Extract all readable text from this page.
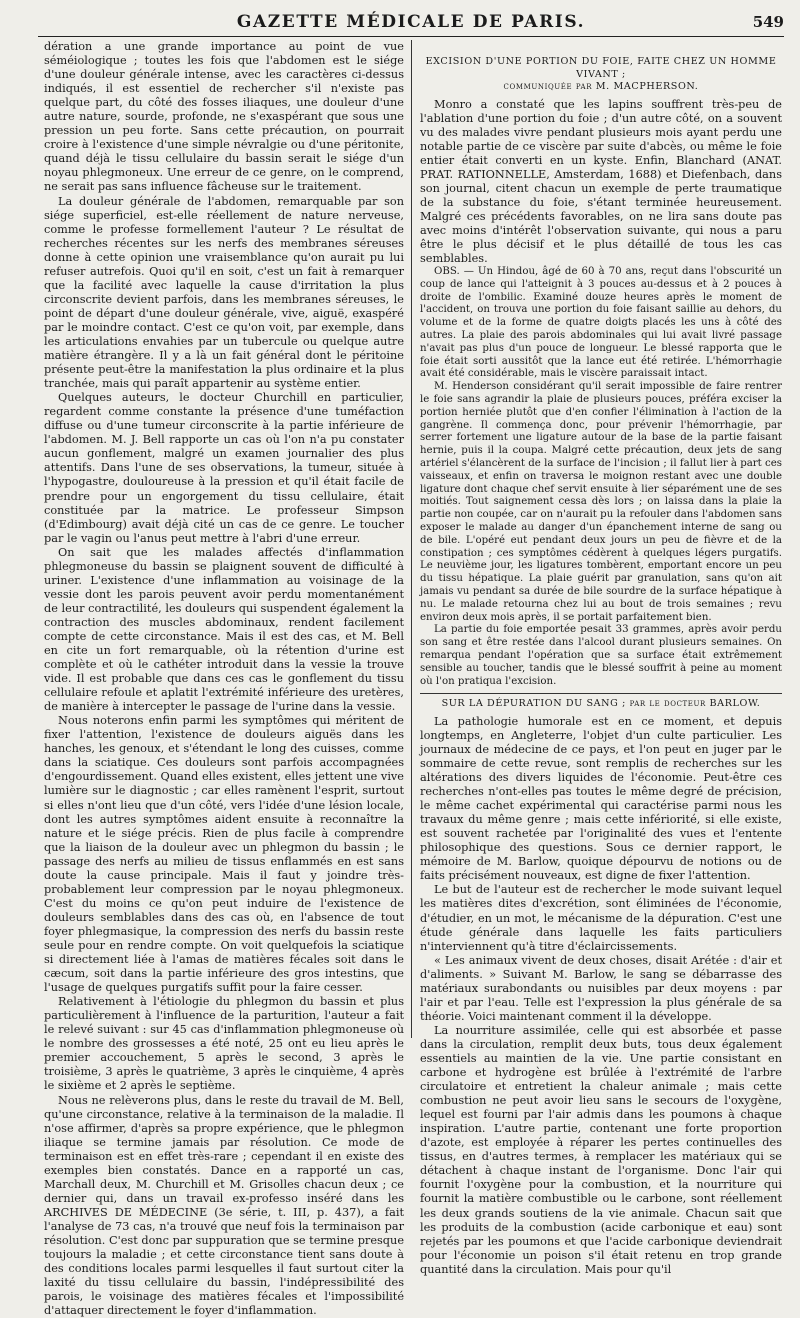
GAZETTE MÉDICALE DE PARIS.	549

dération a une grande importance au point de vue séméiologique ; toutes les fois que l'abdomen est le siége d'une douleur générale intense, avec les caractères ci-dessus indiqués, il est essentiel de rechercher s'il n'existe pas quelque part, du côté des fosses iliaques, une douleur d'une autre nature, sourde, profonde, ne s'exaspérant que sous une pression un peu forte. Sans cette précaution, on pourrait croire à l'existence d'une simple névralgie ou d'une péritonite, quand déjà le tissu cellulaire du bassin serait le siége d'un noyau phlegmoneux. Une erreur de ce genre, on le comprend, ne serait pas sans influence fâcheuse sur le traitement.

La douleur générale de l'abdomen, remarquable par son siége superficiel, est-elle réellement de nature nerveuse, comme le professe formellement l'auteur ? Le résultat de recherches récentes sur les nerfs des membranes séreuses donne à cette opinion une vraisemblance qu'on aurait pu lui refuser autrefois. Quoi qu'il en soit, c'est un fait à remarquer que la facilité avec laquelle la cause d'irritation la plus circonscrite devient parfois, dans les membranes séreuses, le point de départ d'une douleur générale, vive, aiguë, exaspéré par le moindre contact. C'est ce qu'on voit, par exemple, dans les articulations envahies par un tubercule ou quelque autre matière étrangère. Il y a là un fait général dont le péritoine présente peut-être la manifestation la plus ordinaire et la plus tranchée, mais qui paraît appartenir au système entier.

Quelques auteurs, le docteur Churchill en particulier, regardent comme constante la présence d'une tuméfaction diffuse ou d'une tumeur circonscrite à la partie inférieure de l'abdomen. M. J. Bell rapporte un cas où l'on n'a pu constater aucun gonflement, malgré un examen journalier des plus attentifs. Dans l'une de ses observations, la tumeur, située à l'hypogastre, douloureuse à la pression et qu'il était facile de prendre pour un engorgement du tissu cellulaire, était constituée par la matrice. Le professeur Simpson (d'Edimbourg) avait déjà cité un cas de ce genre. Le toucher par le vagin ou l'anus peut mettre à l'abri d'une erreur.

On sait que les malades affectés d'inflammation phlegmoneuse du bassin se plaignent souvent de difficulté à uriner. L'existence d'une inflammation au voisinage de la vessie dont les parois peuvent avoir perdu momentanément de leur contractilité, les douleurs qui suspendent également la contraction des muscles abdominaux, rendent facilement compte de cette circonstance. Mais il est des cas, et M. Bell en cite un fort remarquable, où la rétention d'urine est complète et où le cathéter introduit dans la vessie la trouve vide. Il est probable que dans ces cas le gonflement du tissu cellulaire refoule et aplatit l'extrémité inférieure des uretères, de manière à intercepter le passage de l'urine dans la vessie.

Nous noterons enfin parmi les symptômes qui méritent de fixer l'attention, l'existence de douleurs aiguës dans les hanches, les genoux, et s'étendant le long des cuisses, comme dans la sciatique. Ces douleurs sont parfois accompagnées d'engourdissement. Quand elles existent, elles jettent une vive lumière sur le diagnostic ; car elles ramènent l'esprit, surtout si elles n'ont lieu que d'un côté, vers l'idée d'une lésion locale, dont les autres symptômes aident ensuite à reconnaître la nature et le siége précis. Rien de plus facile à comprendre que la liaison de la douleur avec un phlegmon du bassin ; le passage des nerfs au milieu de tissus enflammés en est sans doute la cause principale. Mais il faut y joindre très-probablement leur compression par le noyau phlegmoneux. C'est du moins ce qu'on peut induire de l'existence de douleurs semblables dans des cas où, en l'absence de tout foyer phlegmasique, la compression des nerfs du bassin reste seule pour en rendre compte. On voit quelquefois la sciatique si directement liée à l'amas de matières fécales soit dans le cæcum, soit dans la partie inférieure des gros intestins, que l'usage de quelques purgatifs suffit pour la faire cesser.

Relativement à l'étiologie du phlegmon du bassin et plus particulièrement à l'influence de la parturition, l'auteur a fait le relevé suivant : sur 45 cas d'inflammation phlegmoneuse où le nombre des grossesses a été noté, 25 ont eu lieu après le premier accouchement, 5 après le second, 3 après le troisième, 3 après le quatrième, 3 après le cinquième, 4 après le sixième et 2 après le septième.

Nous ne relèverons plus, dans le reste du travail de M. Bell, qu'une circonstance, relative à la terminaison de la maladie. Il n'ose affirmer, d'après sa propre expérience, que le phlegmon iliaque se termine jamais par résolution. Ce mode de terminaison est en effet très-rare ; cependant il en existe des exemples bien constatés. Dance en a rapporté un cas, Marchall deux, M. Churchill et M. Grisolles chacun deux ; ce dernier qui, dans un travail ex-professo inséré dans les ARCHIVES DE MÉDECINE (3e série, t. III, p. 437), a fait l'analyse de 73 cas, n'a trouvé que neuf fois la terminaison par résolution. C'est donc par suppuration que se termine presque toujours la maladie ; et cette circonstance tient sans doute à des conditions locales parmi lesquelles il faut surtout citer la laxité du tissu cellulaire du bassin, l'indépressibilité des parois, le voisinage des matières fécales et l'impossibilité d'attaquer directement le foyer d'inflammation.

EXCISION D'UNE PORTION DU FOIE, FAITE CHEZ UN HOMME VIVANT ;
communiquée par M. MACPHERSON.

Monro a constaté que les lapins souffrent très-peu de l'ablation d'une portion du foie ; d'un autre côté, on a souvent vu des malades vivre pendant plusieurs mois ayant perdu une notable partie de ce viscère par suite d'abcès, ou même le foie entier était converti en un kyste. Enfin, Blanchard (ANAT. PRAT. RATIONNELLE, Amsterdam, 1688) et Diefenbach, dans son journal, citent chacun un exemple de perte traumatique de la substance du foie, s'étant terminée heureusement. Malgré ces précédents favorables, on ne lira sans doute pas avec moins d'intérêt l'observation suivante, qui nous a paru être le plus décisif et le plus détaillé de tous les cas semblables.

OBS. — Un Hindou, âgé de 60 à 70 ans, reçut dans l'obscurité un coup de lance qui l'atteignit à 3 pouces au-dessus et à 2 pouces à droite de l'ombilic. Examiné douze heures après le moment de l'accident, on trouva une portion du foie faisant saillie au dehors, du volume et de la forme de quatre doigts placés les uns à côté des autres. La plaie des parois abdominales qui lui avait livré passage n'avait pas plus d'un pouce de longueur. Le blessé rapporta que le foie était sorti aussitôt que la lance eut été retirée. L'hémorrhagie avait été considérable, mais le viscère paraissait intact.

M. Henderson considérant qu'il serait impossible de faire rentrer le foie sans agrandir la plaie de plusieurs pouces, préféra exciser la portion herniée plutôt que d'en confier l'élimination à l'action de la gangrène. Il commença donc, pour prévenir l'hémorrhagie, par serrer fortement une ligature autour de la base de la partie faisant hernie, puis il la coupa. Malgré cette précaution, deux jets de sang artériel s'élancèrent de la surface de l'incision ; il fallut lier à part ces vaisseaux, et enfin on traversa le moignon restant avec une double ligature dont chaque chef servit ensuite à lier séparément une de ses moitiés. Tout saignement cessa dès lors ; on laissa dans la plaie la partie non coupée, car on n'aurait pu la refouler dans l'abdomen sans exposer le malade au danger d'un épanchement interne de sang ou de bile. L'opéré eut pendant deux jours un peu de fièvre et de la constipation ; ces symptômes cédèrent à quelques légers purgatifs. Le neuvième jour, les ligatures tombèrent, emportant encore un peu du tissu hépatique. La plaie guérit par granulation, sans qu'on ait jamais vu pendant sa durée de bile sourdre de la surface hépatique à nu. Le malade retourna chez lui au bout de trois semaines ; revu environ deux mois après, il se portait parfaitement bien.

La partie du foie emportée pesait 33 grammes, après avoir perdu son sang et être restée dans l'alcool durant plusieurs semaines. On remarqua pendant l'opération que sa surface était extrêmement sensible au toucher, tandis que le blessé souffrit à peine au moment où l'on pratiqua l'excision.

SUR LA DÉPURATION DU SANG ; par le docteur BARLOW.

La pathologie humorale est en ce moment, et depuis longtemps, en Angleterre, l'objet d'un culte particulier. Les journaux de médecine de ce pays, et l'on peut en juger par le sommaire de cette revue, sont remplis de recherches sur les altérations des divers liquides de l'économie. Peut-être ces recherches n'ont-elles pas toutes le même degré de précision, le même cachet expérimental qui caractérise parmi nous les travaux du même genre ; mais cette infériorité, si elle existe, est souvent rachetée par l'originalité des vues et l'entente philosophique des questions. Sous ce dernier rapport, le mémoire de M. Barlow, quoique dépourvu de notions ou de faits précisément nouveaux, est digne de fixer l'attention.

Le but de l'auteur est de rechercher le mode suivant lequel les matières dites d'excrétion, sont éliminées de l'économie, d'étudier, en un mot, le mécanisme de la dépuration. C'est une étude générale dans laquelle les faits particuliers n'interviennent qu'à titre d'éclaircissements.

« Les animaux vivent de deux choses, disait Arétée : d'air et d'aliments. » Suivant M. Barlow, le sang se débarrasse des matériaux surabondants ou nuisibles par deux moyens : par l'air et par l'eau. Telle est l'expression la plus générale de sa théorie. Voici maintenant comment il la développe.

La nourriture assimilée, celle qui est absorbée et passe dans la circulation, remplit deux buts, tous deux également essentiels au maintien de la vie. Une partie consistant en carbone et hydrogène est brûlée à l'extrémité de l'arbre circulatoire et entretient la chaleur animale ; mais cette combustion ne peut avoir lieu sans le secours de l'oxygène, lequel est fourni par l'air admis dans les poumons à chaque inspiration. L'autre partie, contenant une forte proportion d'azote, est employée à réparer les pertes continuelles des tissus, en d'autres termes, à remplacer les matériaux qui se détachent à chaque instant de l'organisme. Donc l'air qui fournit l'oxygène pour la combustion, et la nourriture qui fournit la matière combustible ou le carbone, sont réellement les deux grands soutiens de la vie animale. Chacun sait que les produits de la combustion (acide carbonique et eau) sont rejetés par les poumons et que l'acide carbonique deviendrait pour l'économie un poison s'il était retenu en trop grande quantité dans la circulation. Mais pour qu'il
